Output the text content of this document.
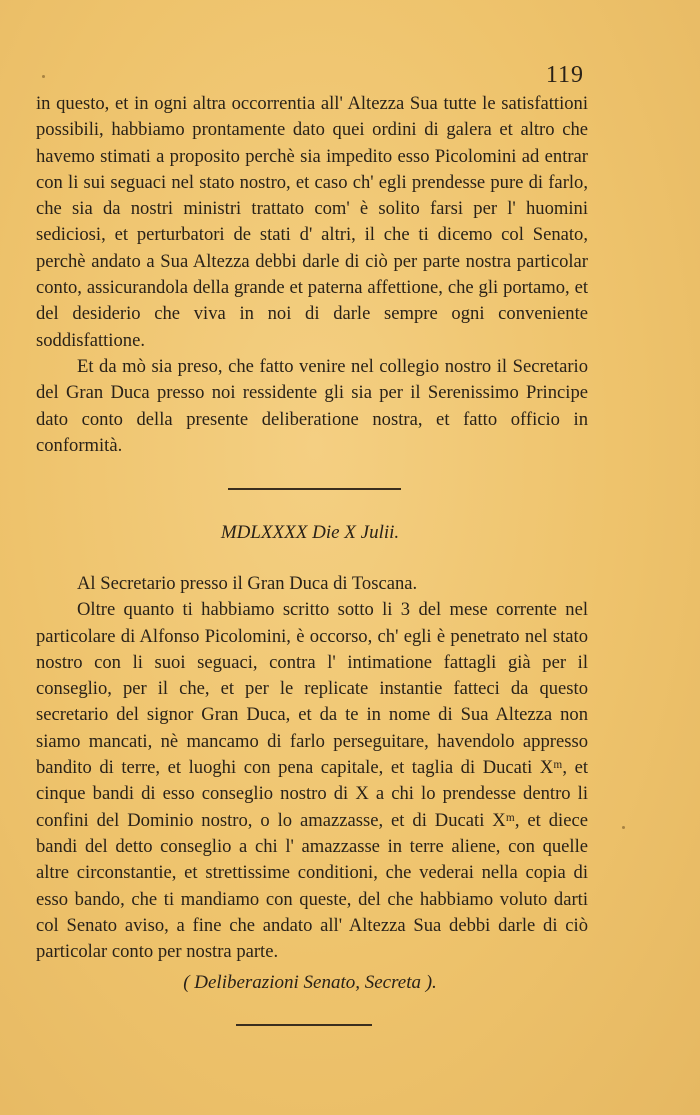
119

in questo, et in ogni altra occorrentia all' Altezza Sua tutte le satisfattioni possibili, habbiamo prontamente dato quei ordini di galera et altro che havemo stimati a proposito perchè sia impedito esso Picolomini ad entrar con li sui seguaci nel stato nostro, et caso ch' egli prendesse pure di farlo, che sia da nostri ministri trattato com' è solito farsi per l' huomini sediciosi, et perturbatori de stati d' altri, il che ti dicemo col Senato, perchè andato a Sua Altezza debbi darle di ciò per parte nostra particolar conto, assicurandola della grande et paterna affettione, che gli portamo, et del desiderio che viva in noi di darle sempre ogni conveniente soddisfattione.

Et da mò sia preso, che fatto venire nel collegio nostro il Secretario del Gran Duca presso noi ressidente gli sia per il Serenissimo Principe dato conto della presente deliberatione nostra, et fatto officio in conformità.

MDLXXXX Die X Julii.

Al Secretario presso il Gran Duca di Toscana.

Oltre quanto ti habbiamo scritto sotto li 3 del mese corrente nel particolare di Alfonso Picolomini, è occorso, ch' egli è penetrato nel stato nostro con li suoi seguaci, contra l' intimatione fattagli già per il conseglio, per il che, et per le replicate instantie fatteci da questo secretario del signor Gran Duca, et da te in nome di Sua Altezza non siamo mancati, nè mancamo di farlo perseguitare, havendolo appresso bandito di terre, et luoghi con pena capitale, et taglia di Ducati Xᵐ, et cinque bandi di esso conseglio nostro di X a chi lo prendesse dentro li confini del Dominio nostro, o lo amazzasse, et di Ducati Xᵐ, et diece bandi del detto conseglio a chi l' amazzasse in terre aliene, con quelle altre circonstantie, et strettissime conditioni, che vederai nella copia di esso bando, che ti mandiamo con queste, del che habbiamo voluto darti col Senato aviso, a fine che andato all' Altezza Sua debbi darle di ciò particolar conto per nostra parte.

( Deliberazioni Senato, Secreta ).
